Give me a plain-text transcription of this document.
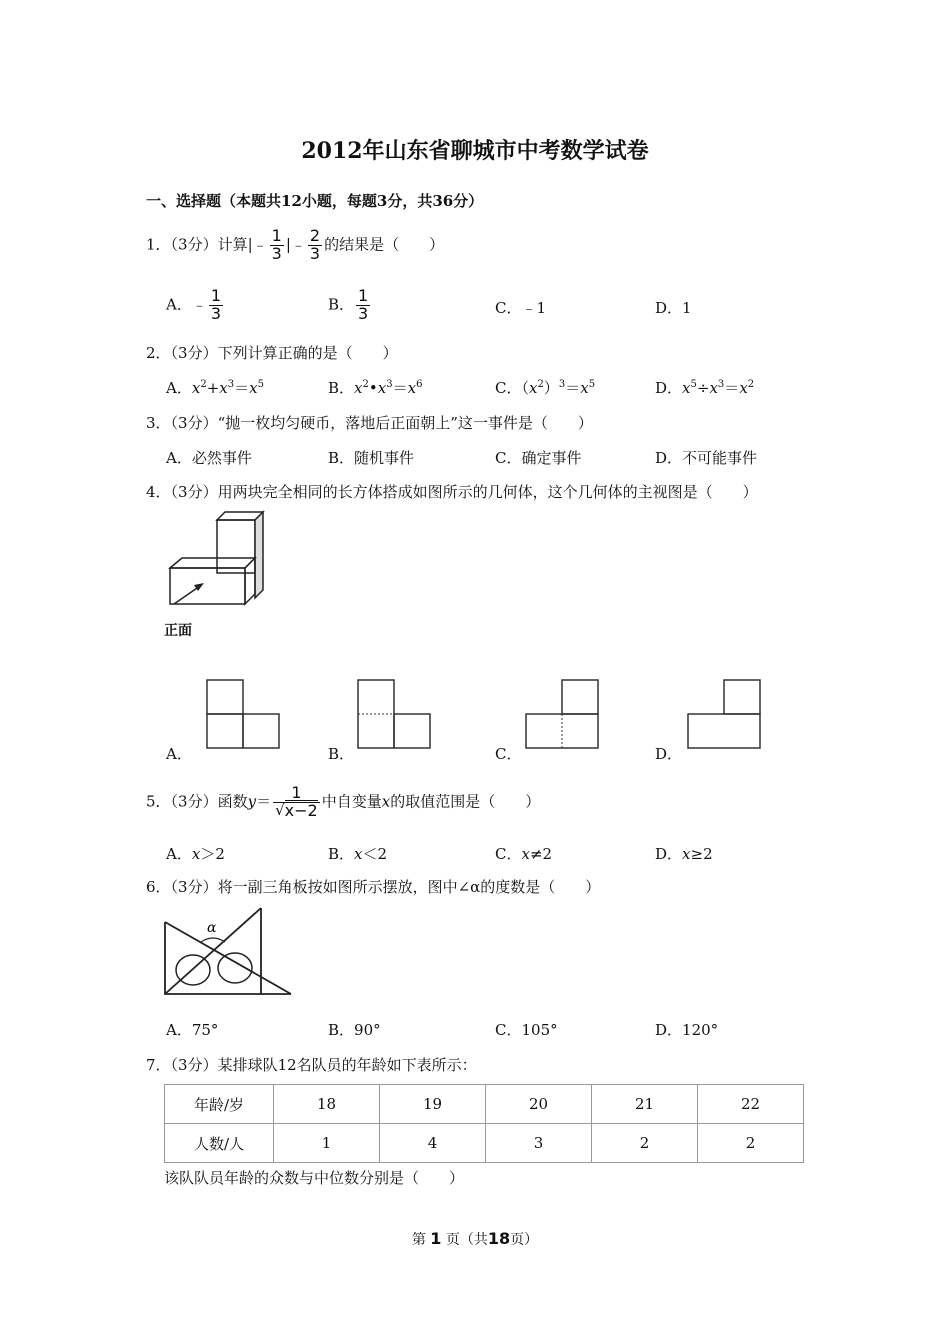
2012年山东省聊城市中考数学试卷
一、选择题（本题共12小题，每题3分，共36分）
1．（3分）计算|﹣ $\frac{1}{3}$ |﹣ $\frac{2}{3}$ 的结果是（　　）
A．﹣ $\frac{1}{3}$	B． $\frac{1}{3}$	C．﹣1	D．1
2．（3分）下列计算正确的是（　　）
A．$x^2+x^3=x^5$	B．$x^2•x^3=x^6$	C．$(x^2)^3=x^5$	D．$x^5\div x^3=x^2$
3．（3分）“抛一枚均匀硬币，落地后正面朝上”这一事件是（　　）
A．必然事件	B．随机事件	C．确定事件	D．不可能事件
4．（3分）用两块完全相同的长方体搭成如图所示的几何体，这个几何体的主视图是（　　）
正面
A．	B．	C．	D．
5．（3分）函数$y= \frac{1}{√x-2}$ 中自变量x的取值范围是（　　）
A．x＞2	B．x＜2	C．x≠2	D．x≥2
6．（3分）将一副三角板按如图所示摆放，图中∠α的度数是（　　）
α
A．75°	B．90°	C．105°	D．120°
7．（3分）某排球队12名队员的年龄如下表所示：
年龄/岁	18	19	20	21	22
人数/人	1	4	3	2	2
该队队员年龄的众数与中位数分别是（　　）
第 1 页（共18页）
